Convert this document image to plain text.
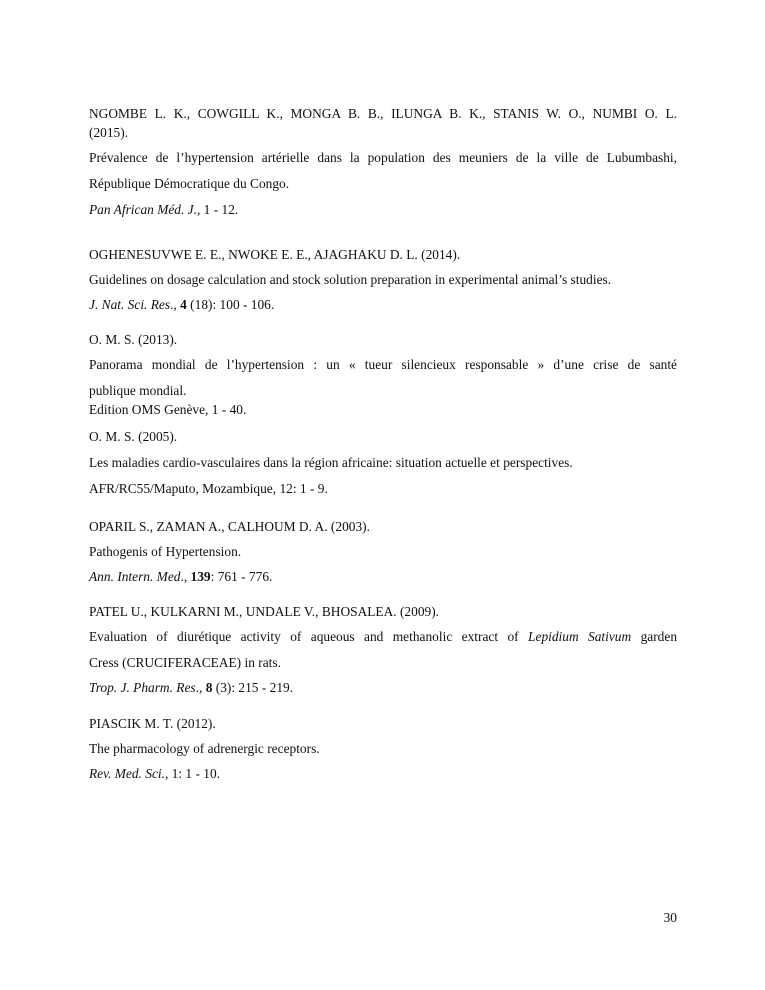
NGOMBE L. K., COWGILL K., MONGA B. B., ILUNGA B. K., STANIS W. O., NUMBI O. L.
(2015).
Prévalence de l’hypertension artérielle dans la population des meuniers de la ville de Lubumbashi,
République Démocratique du Congo.
Pan African Méd. J., 1 - 12.
OGHENESUVWE E. E., NWOKE E. E., AJAGHAKU D. L. (2014).
Guidelines on dosage calculation and stock solution preparation in experimental animal’s studies.
J. Nat. Sci. Res., 4 (18): 100 - 106.
O. M. S. (2013).
Panorama mondial de l’hypertension : un « tueur silencieux responsable » d’une crise de santé
publique mondial.
Edition OMS Genève, 1 - 40.
O. M. S. (2005).
Les maladies cardio-vasculaires dans la région africaine: situation actuelle et perspectives.
AFR/RC55/Maputo, Mozambique, 12: 1 - 9.
OPARIL S., ZAMAN A., CALHOUM D. A. (2003).
Pathogenis of Hypertension.
Ann. Intern. Med., 139: 761 - 776.
PATEL U., KULKARNI M., UNDALE V., BHOSALEA. (2009).
Evaluation of diurétique activity of aqueous and methanolic extract of Lepidium Sativum garden
Cress (CRUCIFERACEAE) in rats.
Trop. J. Pharm. Res., 8 (3): 215 - 219.
PIASCIK M. T. (2012).
The pharmacology of adrenergic receptors.
Rev. Med. Sci., 1: 1 - 10.
30
